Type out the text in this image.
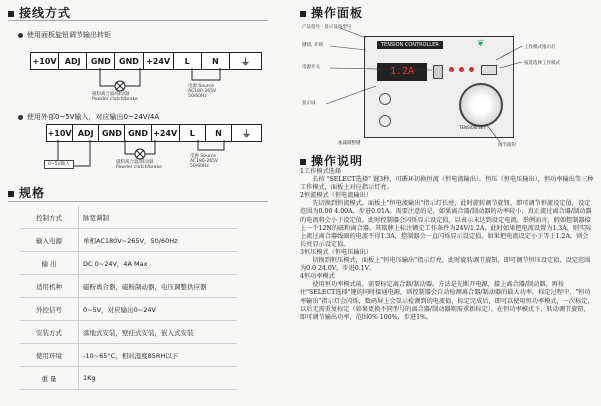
接线方式
使用面板旋钮调节输出转矩
+10V	ADJ	GND	GND +24V	L	N	⏚
磁粉离合器/制动器
Powder clutch/brake
电源 Source
AC180-265V
50/60Hz
使用外部0~5V输入，对应输出0~24V/4A
+10V ADJ	GND GND +24V	L	N	⏚
0~5V输入	磁粉离合器/制动器
Powder clutch/brake
电源 Source
AC180-265V
50/60Hz
规格
控制方式	脉宽调制
输入电源	单相AC180V~265V，50/60Hz
输 出	DC 0~24V，4A Max
适用机种	磁粉离合器，磁粉制动器，电压调整供应器
外控信号	0~5V，对应输出0~24V
安装方式	落地式安装，壁挂式安装，嵌入式安装
使用环境	-10~65°C，相对湿度85RH以下
重 量	1Kg
操作面板
产品型号 · 显示设备型号
键钮, 开锁
电源开关
显示屏
加减调整键	调节旋钮
工作模式指示灯
按选选择工作模式
TENSION CONTROLLER	❦
1.2A
TENSION SET
操作说明

1工作模式选择

　　长按 "SELECT选择" 键3秒，可循环切换恒流（恒电流输出），恒压（恒电压输出），恒功率输出等三种工作模式，面板上对应指示灯亮。

2恒流模式（恒电流输出）

　　先切换到恒流模式，面板上"恒电流输出"指示灯长亮，此时旋转调节旋钮，即可调节恒流设定值，设定范围为0.00 4.00A，步进0.01A。需要注意的是，如果离合器/制动器的功率较小，真正流过离合器/制动器的电流将会小于设定值，此时控制器会闪烁显示设定值，以表示未达到设定电流。举例而言，假如控制器接上一个12N的磁粉离合器，其铭牌上标注额定工作条件为24V/1.2A，此时如果把电流设置为1.3A，则实际上流过离合器线圈的电流不得1.3A，控制器会一直闪烁显示设定值。如果把电流设定小于等于1.2A，则会长亮显示设定值。

3恒压模式（恒电压输出）

　　切换到恒压模式，面板上"恒电压输出"指示灯亮，此时旋转调节旋钮，即可调节恒压设定值，设定范围为0.0 24.0V，步进0.1V。

4恒功率模式

　　使用恒功率模式前，需要标定离合器/制动器。方法是先断开电源，接上离合器/制动器，再按住"SELECT选择"键的同时接通电源，则控制器会自动检测离合器/制动器的最大功率，标定过程中，"恒功率输出"指示灯会闪烁，数码屏上会显示检测到的电流值，标定完成后，即可以使用恒功率模式，一次标定，以后无需重复标定（如果更换不同型号的离合器/制动器则需重新标定）。在恒功率模式下，转动调节旋钮，即可调节输出功率，范围0% 100%，步进1%。
